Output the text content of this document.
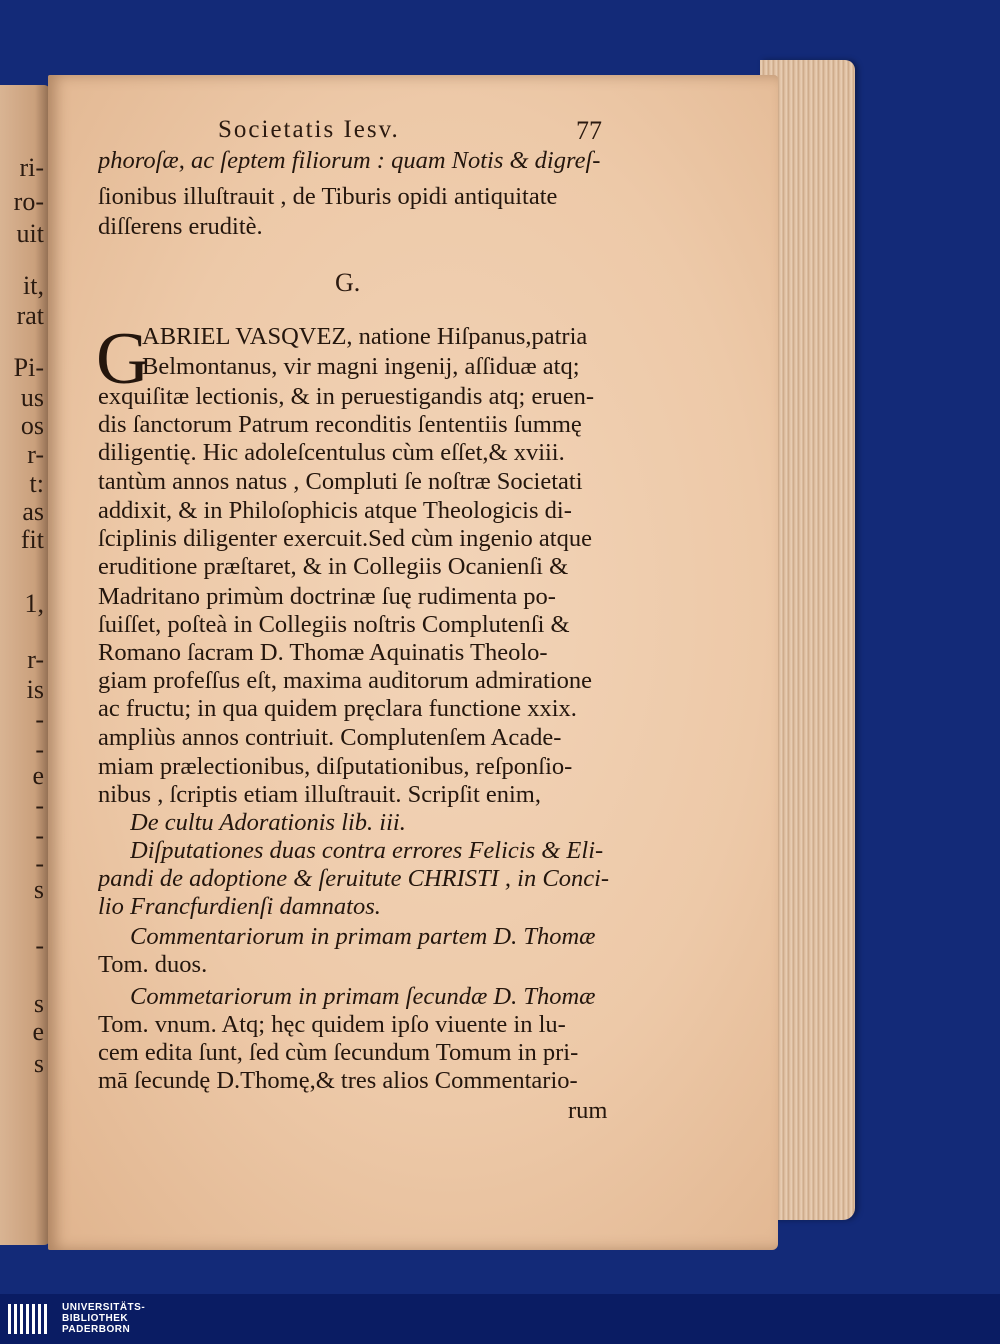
ri-
ro-
uit
it,
rat
Pi-
us
os
r-
t:
as
fit
1,
r-
is
-
-
e
-
-
-
s
-
s
e
s
Societatis Iesv.	77
phoroſæ, ac ſeptem filiorum : quam Notis & digreſ-
ſionibus illuſtrauit , de Tiburis opidi antiquitate
diſſerens eruditè.
ABRIEL VASQVEZ, natione Hiſpanus,patria
Belmontanus, vir magni ingenij, aſſiduæ atq;
exquiſitæ lectionis, & in peruestigandis atq; eruen-
dis ſanctorum Patrum reconditis ſententiis ſummę
diligentię. Hic adoleſcentulus cùm eſſet,& xviii.
tantùm annos natus , Compluti ſe noſtræ Societati
addixit, & in Philoſophicis atque Theologicis di-
ſciplinis diligenter exercuit.Sed cùm ingenio atque
eruditione præſtaret, & in Collegiis Ocanienſi &
Madritano primùm doctrinæ ſuę rudimenta po-
ſuiſſet, poſteà in Collegiis noſtris Complutenſi &
Romano ſacram D. Thomæ Aquinatis Theolo-
giam profeſſus eſt, maxima auditorum admiratione
ac fructu; in qua quidem pręclara functione xxix.
ampliùs annos contriuit. Complutenſem Acade-
miam prælectionibus, diſputationibus, reſponſio-
nibus , ſcriptis etiam illuſtrauit. Scripſit enim,
De cultu Adorationis lib. iii.
Diſputationes duas contra errores Felicis & Eli-
pandi de adoptione & ſeruitute CHRISTI , in Conci-
lio Francfurdienſi damnatos.
Commentariorum in primam partem D. Thomæ
Tom. duos.
Commetariorum in primam ſecundæ D. Thomæ
Tom. vnum. Atq; hęc quidem ipſo viuente in lu-
cem edita ſunt, ſed cùm ſecundum Tomum in pri-
mā ſecundę D.Thomę,& tres alios Commentario-
rum
G.
G
UNIVERSITÄTS-
BIBLIOTHEK
PADERBORN
